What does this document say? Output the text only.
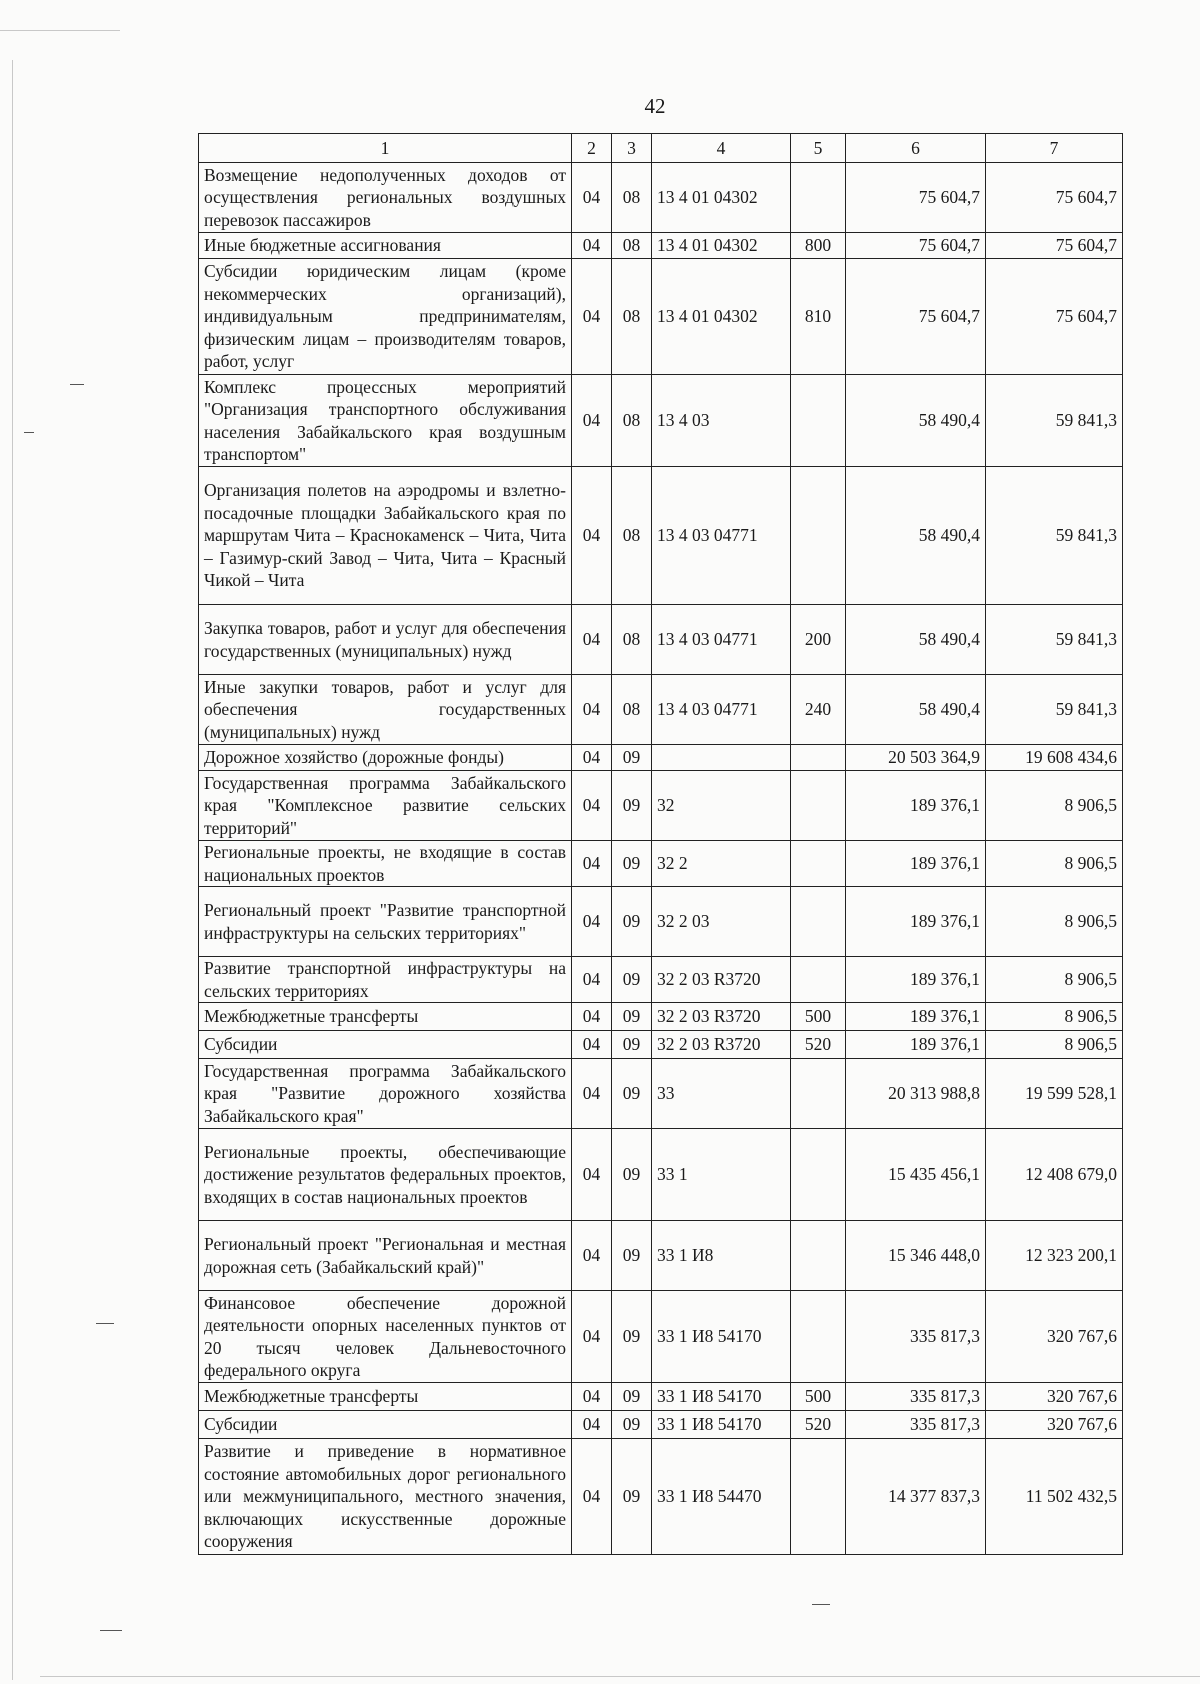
42
1	2	3	4	5	6	7
Возмещение недополученных доходов от осуществления региональных воздушных перевозок пассажиров	04	08	13 4 01 04302		75 604,7	75 604,7
Иные бюджетные ассигнования	04	08	13 4 01 04302	800	75 604,7	75 604,7
Субсидии юридическим лицам (кроме некоммерческих организаций), индивидуальным предпринимателям, физическим лицам – производителям товаров, работ, услуг	04	08	13 4 01 04302	810	75 604,7	75 604,7
Комплекс процессных мероприятий "Организация транспортного обслуживания населения Забайкальского края воздушным транспортом"	04	08	13 4 03		58 490,4	59 841,3
Организация полетов на аэродромы и взлетно-посадочные площадки Забайкальского края по маршрутам Чита – Краснокаменск – Чита, Чита – Газимур-ский Завод – Чита, Чита – Красный Чикой – Чита	04	08	13 4 03 04771		58 490,4	59 841,3
Закупка товаров, работ и услуг для обеспечения государственных (муниципальных) нужд	04	08	13 4 03 04771	200	58 490,4	59 841,3
Иные закупки товаров, работ и услуг для обеспечения государственных (муниципальных) нужд	04	08	13 4 03 04771	240	58 490,4	59 841,3
Дорожное хозяйство (дорожные фонды)	04	09			20 503 364,9	19 608 434,6
Государственная программа Забайкальского края "Комплексное развитие сельских территорий"	04	09	32		189 376,1	8 906,5
Региональные проекты, не входящие в состав национальных проектов	04	09	32 2		189 376,1	8 906,5
Региональный проект "Развитие транспортной инфраструктуры на сельских территориях"	04	09	32 2 03		189 376,1	8 906,5
Развитие транспортной инфраструктуры на сельских территориях	04	09	32 2 03 R3720		189 376,1	8 906,5
Межбюджетные трансферты	04	09	32 2 03 R3720	500	189 376,1	8 906,5
Субсидии	04	09	32 2 03 R3720	520	189 376,1	8 906,5
Государственная программа Забайкальского края "Развитие дорожного хозяйства Забайкальского края"	04	09	33		20 313 988,8	19 599 528,1
Региональные проекты, обеспечивающие достижение результатов федеральных проектов, входящих в состав национальных проектов	04	09	33 1		15 435 456,1	12 408 679,0
Региональный проект "Региональная и местная дорожная сеть (Забайкальский край)"	04	09	33 1 И8		15 346 448,0	12 323 200,1
Финансовое обеспечение дорожной деятельности опорных населенных пунктов от 20 тысяч человек Дальневосточного федерального округа	04	09	33 1 И8 54170		335 817,3	320 767,6
Межбюджетные трансферты	04	09	33 1 И8 54170	500	335 817,3	320 767,6
Субсидии	04	09	33 1 И8 54170	520	335 817,3	320 767,6
Развитие и приведение в нормативное состояние автомобильных дорог регионального или межмуниципального, местного значения, включающих искусственные дорожные сооружения	04	09	33 1 И8 54470		14 377 837,3	11 502 432,5
